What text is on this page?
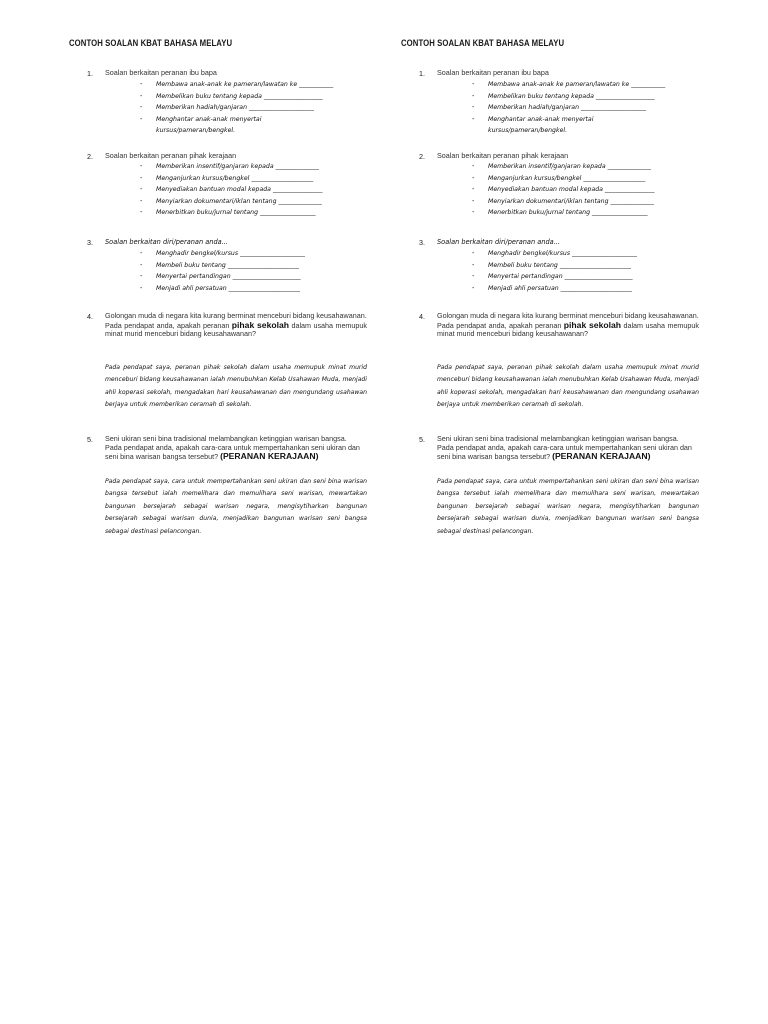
CONTOH SOALAN KBAT BAHASA MELAYU
1. Soalan berkaitan peranan ibu bapa
- Membawa anak-anak ke pameran/lawatan ke ___________
- Membelikan buku tentang kepada ___________________
- Memberikan hadiah/ganjaran _____________________
- Menghantar anak-anak menyertai
kursus/pameran/bengkel.
2. Soalan berkaitan peranan pihak kerajaan
- Memberikan insentif/ganjaran kepada ______________
- Menganjurkan kursus/bengkel ____________________
- Menyediakan bantuan modal kepada ________________
- Menyiarkan dokumentari/iklan tentang ______________
- Menerbitkan buku/jurnal tentang __________________
3. Soalan berkaitan diri/peranan anda...
- Menghadir bengkel/kursus _____________________
- Membeli buku tentang _______________________
- Menyertai pertandingan ______________________
- Menjadi ahli persatuan _______________________
4. Golongan muda di negara kita kurang berminat menceburi bidang keusahawanan.
Pada pendapat anda, apakah peranan pihak sekolah dalam usaha memupuk minat murid menceburi bidang keusahawanan?
Pada pendapat saya, peranan pihak sekolah dalam usaha memupuk minat murid menceburi bidang keusahawanan ialah menubuhkan Kelab Usahawan Muda, menjadi ahli koperasi sekolah, mengadakan hari keusahawanan dan mengundang usahawan berjaya untuk memberikan ceramah di sekolah.
5. Seni ukiran seni bina tradisional melambangkan ketinggian warisan bangsa.
Pada pendapat anda, apakah cara-cara untuk mempertahankan seni ukiran dan seni bina warisan bangsa tersebut? (PERANAN KERAJAAN)
Pada pendapat saya, cara untuk mempertahankan seni ukiran dan seni bina warisan bangsa tersebut ialah memelihara dan memulihara seni warisan, mewartakan bangunan bersejarah sebagai warisan negara, mengisytiharkan bangunan bersejarah sebagai warisan dunia, menjadikan bangunan warisan seni bangsa sebagai destinasi pelancongan.
CONTOH SOALAN KBAT BAHASA MELAYU
1. Soalan berkaitan peranan ibu bapa
- Membawa anak-anak ke pameran/lawatan ke ___________
- Membelikan buku tentang kepada ___________________
- Memberikan hadiah/ganjaran _____________________
- Menghantar anak-anak menyertai
kursus/pameran/bengkel.
2. Soalan berkaitan peranan pihak kerajaan
- Memberikan insentif/ganjaran kepada ______________
- Menganjurkan kursus/bengkel ____________________
- Menyediakan bantuan modal kepada ________________
- Menyiarkan dokumentari/iklan tentang ______________
- Menerbitkan buku/jurnal tentang __________________
3. Soalan berkaitan diri/peranan anda...
- Menghadir bengkel/kursus _____________________
- Membeli buku tentang _______________________
- Menyertai pertandingan ______________________
- Menjadi ahli persatuan _______________________
4. Golongan muda di negara kita kurang berminat menceburi bidang keusahawanan.
Pada pendapat anda, apakah peranan pihak sekolah dalam usaha memupuk minat murid menceburi bidang keusahawanan?
Pada pendapat saya, peranan pihak sekolah dalam usaha memupuk minat murid menceburi bidang keusahawanan ialah menubuhkan Kelab Usahawan Muda, menjadi ahli koperasi sekolah, mengadakan hari keusahawanan dan mengundang usahawan berjaya untuk memberikan ceramah di sekolah.
5. Seni ukiran seni bina tradisional melambangkan ketinggian warisan bangsa.
Pada pendapat anda, apakah cara-cara untuk mempertahankan seni ukiran dan seni bina warisan bangsa tersebut? (PERANAN KERAJAAN)
Pada pendapat saya, cara untuk mempertahankan seni ukiran dan seni bina warisan bangsa tersebut ialah memelihara dan memulihara seni warisan, mewartakan bangunan bersejarah sebagai warisan negara, mengisytiharkan bangunan bersejarah sebagai warisan dunia, menjadikan bangunan warisan seni bangsa sebagai destinasi pelancongan.
